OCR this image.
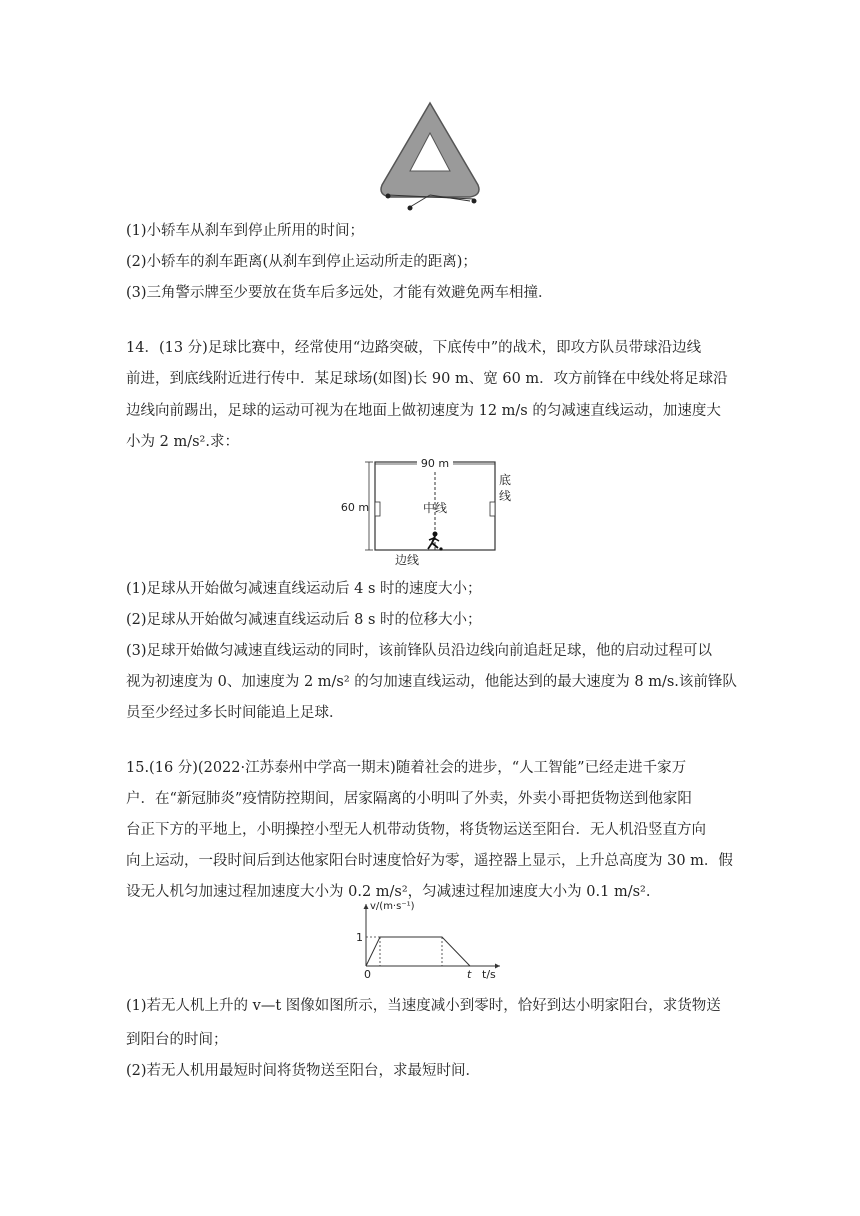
(1)小轿车从刹车到停止所用的时间；
(2)小轿车的刹车距离(从刹车到停止运动所走的距离)；
(3)三角警示牌至少要放在货车后多远处，才能有效避免两车相撞．
14．(13 分)足球比赛中，经常使用“边路突破，下底传中”的战术，即攻方队员带球沿边线
前进，到底线附近进行传中．某足球场(如图)长 90 m、宽 60 m．攻方前锋在中线处将足球沿
边线向前踢出，足球的运动可视为在地面上做初速度为 12 m/s 的匀减速直线运动，加速度大
小为 2 m/s².求：
90 m
60 m	中线
底
线
边线
(1)足球从开始做匀减速直线运动后 4 s 时的速度大小；
(2)足球从开始做匀减速直线运动后 8 s 时的位移大小；
(3)足球开始做匀减速直线运动的同时，该前锋队员沿边线向前追赶足球，他的启动过程可以
视为初速度为 0、加速度为 2 m/s² 的匀加速直线运动，他能达到的最大速度为 8 m/s.该前锋队
员至少经过多长时间能追上足球．
15.(16 分)(2022·江苏泰州中学高一期末)随着社会的进步，“人工智能”已经走进千家万
户．在“新冠肺炎”疫情防控期间，居家隔离的小明叫了外卖，外卖小哥把货物送到他家阳
台正下方的平地上，小明操控小型无人机带动货物，将货物运送至阳台．无人机沿竖直方向
向上运动，一段时间后到达他家阳台时速度恰好为零，遥控器上显示，上升总高度为 30 m．假
设无人机匀加速过程加速度大小为 0.2 m/s²，匀减速过程加速度大小为 0.1 m/s².
v/(m·s⁻¹)
1
0	t t/s
(1)若无人机上升的 v—t 图像如图所示，当速度减小到零时，恰好到达小明家阳台，求货物送
到阳台的时间；
(2)若无人机用最短时间将货物送至阳台，求最短时间．
